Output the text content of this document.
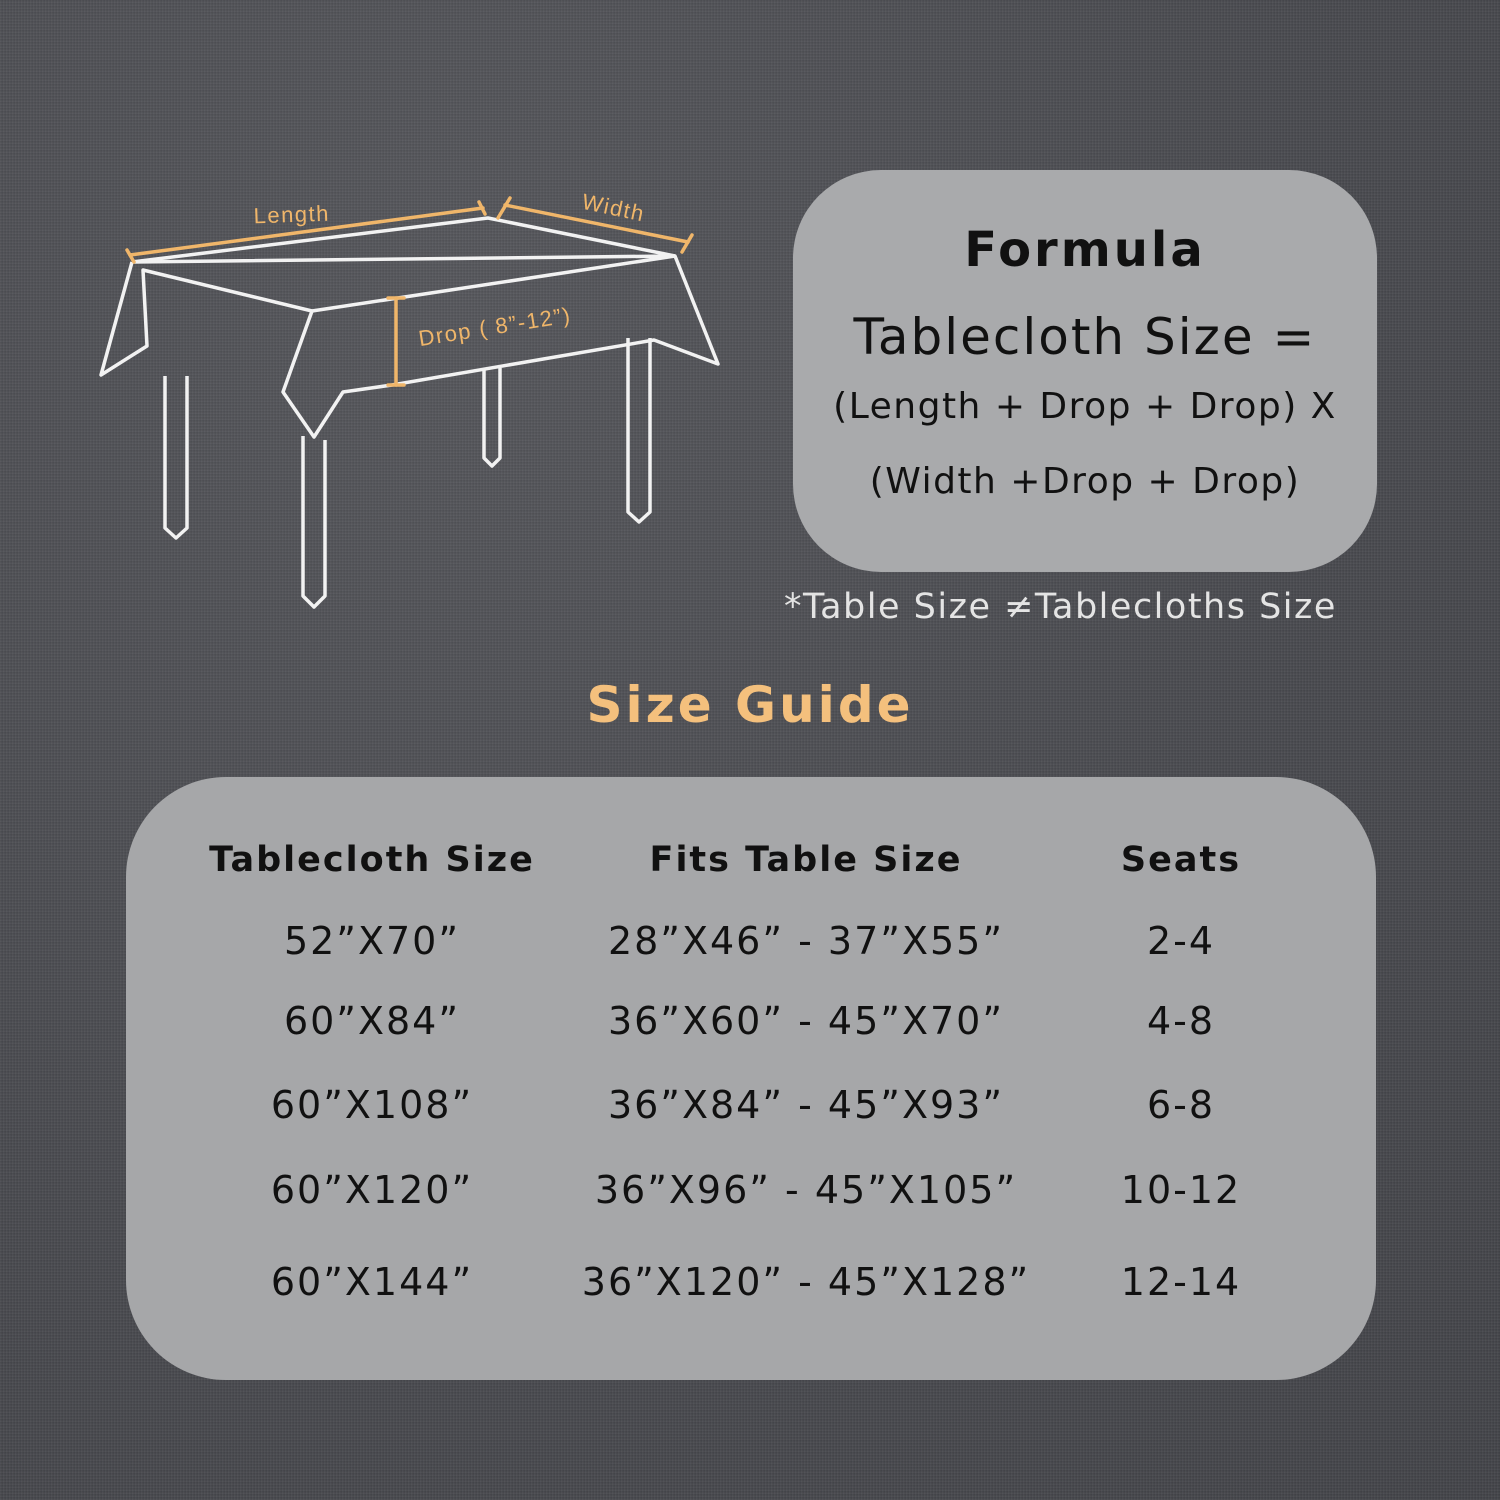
Length	Width
Drop ( 8”-12”)
Formula
Tablecloth Size =
(Length + Drop + Drop) X
(Width +Drop + Drop)
*Table Size ≠Tablecloths Size
Size Guide
Tablecloth Size	Fits Table Size	Seats
52”X70”	28”X46” - 37”X55”	2-4
60”X84”	36”X60” - 45”X70”	4-8
60”X108”	36”X84” - 45”X93”	6-8
60”X120”	36”X96” - 45”X105”	10-12
60”X144”	36”X120” - 45”X128”	12-14
